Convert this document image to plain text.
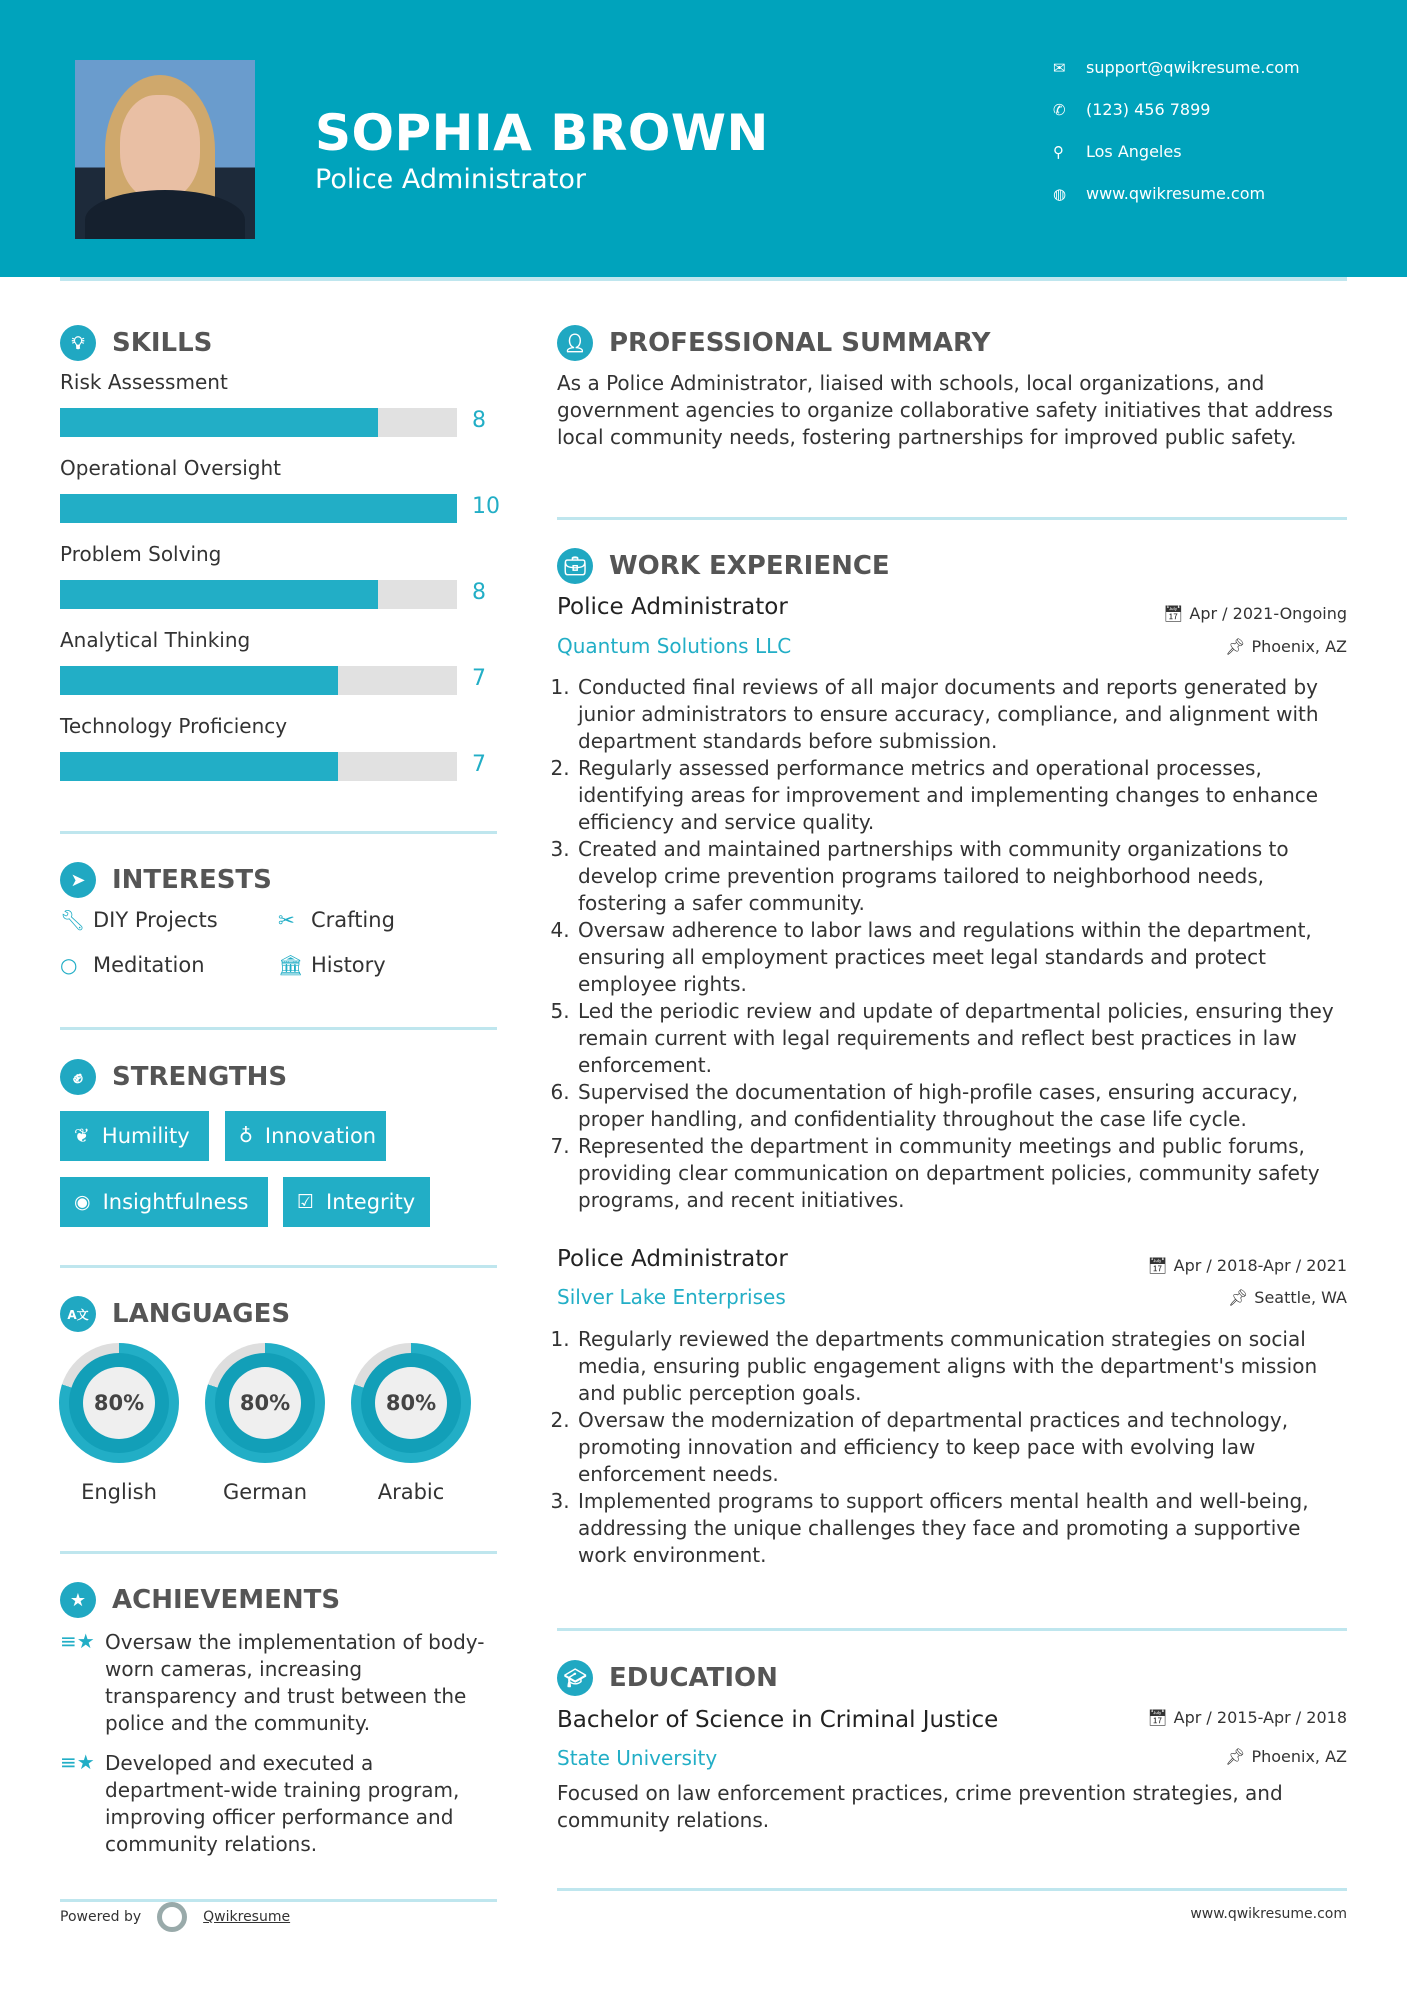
SOPHIA BROWN
Police Administrator
✉	support@qwikresume.com
✆	(123) 456 7899
⚲	Los Angeles
◍	www.qwikresume.com
💡︎	SKILLS
Risk Assessment
8
Operational Oversight
10
Problem Solving
8
Analytical Thinking
7
Technology Proficiency
7
➤	INTERESTS
🔧︎ DIY Projects	✂ Crafting
○ Meditation	🏛︎ History
✊︎	STRENGTHS
❦ Humility	♁ Innovation
◉ Insightfulness	☑ Integrity
A文 LANGUAGES
80%	80%	80%
English	German	Arabic
★ ACHIEVEMENTS
≡★ Oversaw the implementation of body-worn cameras, increasing transparency and trust between the police and the community.
≡★ Developed and executed a department-wide training program, improving officer performance and community relations.
Powered by	Qwikresume
👤︎ PROFESSIONAL SUMMARY
As a Police Administrator, liaised with schools, local organizations, and government agencies to organize collaborative safety initiatives that address local community needs, fostering partnerships for improved public safety.
💼︎ WORK EXPERIENCE
Police Administrator	📅︎ Apr / 2021-Ongoing
Quantum Solutions LLC	📌︎ Phoenix, AZ
1. Conducted final reviews of all major documents and reports generated by junior administrators to ensure accuracy, compliance, and alignment with department standards before submission.
2. Regularly assessed performance metrics and operational processes, identifying areas for improvement and implementing changes to enhance efficiency and service quality.
3. Created and maintained partnerships with community organizations to develop crime prevention programs tailored to neighborhood needs, fostering a safer community.
4. Oversaw adherence to labor laws and regulations within the department, ensuring all employment practices meet legal standards and protect employee rights.
5. Led the periodic review and update of departmental policies, ensuring they remain current with legal requirements and reflect best practices in law enforcement.
6. Supervised the documentation of high-profile cases, ensuring accuracy, proper handling, and confidentiality throughout the case life cycle.
7. Represented the department in community meetings and public forums, providing clear communication on department policies, community safety programs, and recent initiatives.
Police Administrator	📅︎ Apr / 2018-Apr / 2021
Silver Lake Enterprises	📌︎ Seattle, WA
1. Regularly reviewed the departments communication strategies on social media, ensuring public engagement aligns with the department's mission and public perception goals.
2. Oversaw the modernization of departmental practices and technology, promoting innovation and efficiency to keep pace with evolving law enforcement needs.
3. Implemented programs to support officers mental health and well-being, addressing the unique challenges they face and promoting a supportive work environment.
🎓︎ EDUCATION
Bachelor of Science in Criminal Justice	📅︎ Apr / 2015-Apr / 2018
State University	📌︎ Phoenix, AZ
Focused on law enforcement practices, crime prevention strategies, and community relations.
www.qwikresume.com
